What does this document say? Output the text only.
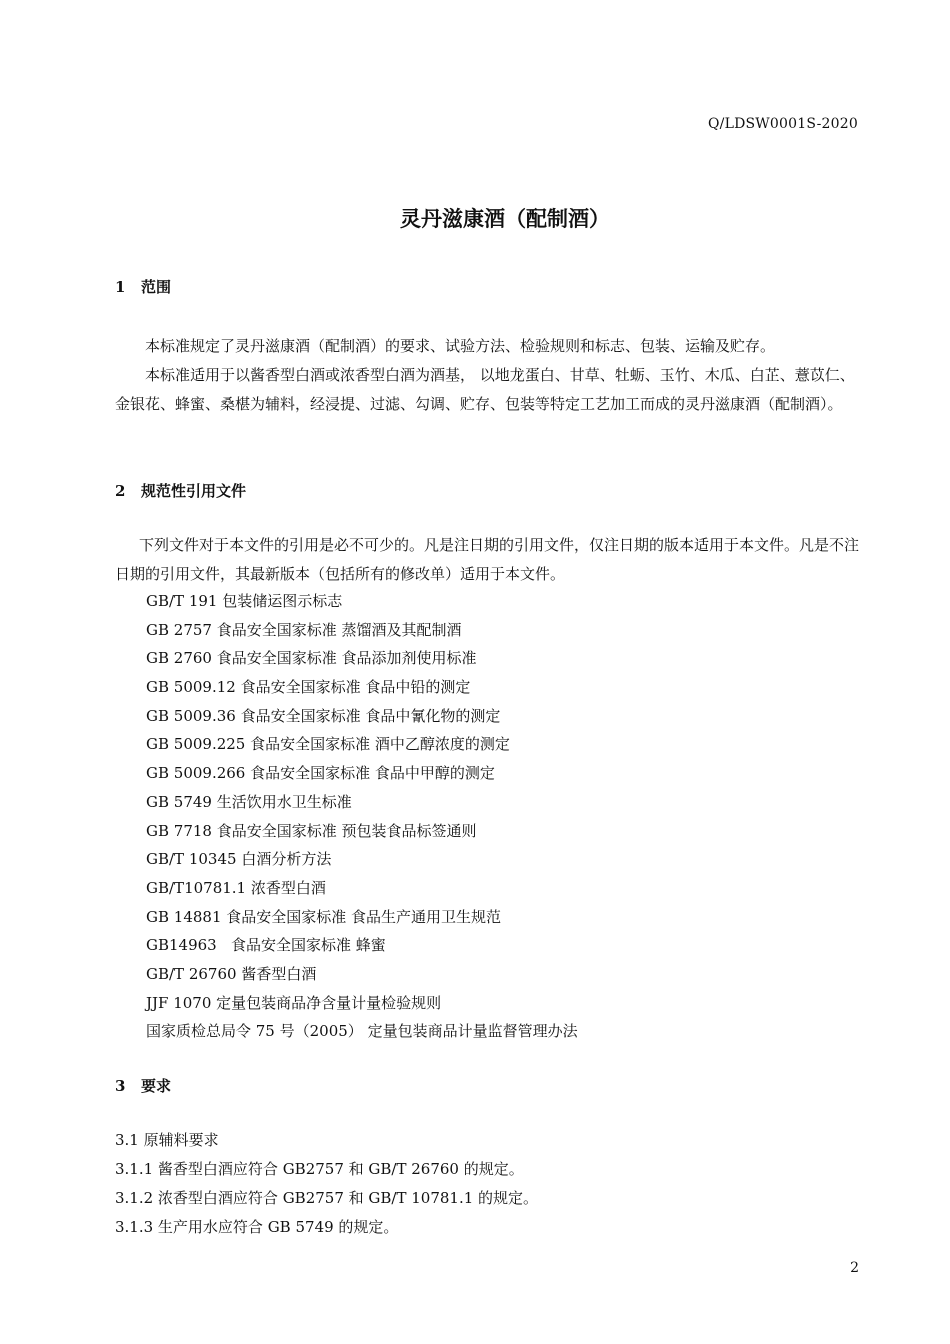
Q/LDSW0001S-2020
灵丹滋康酒（配制酒）
1 范围
本标准规定了灵丹滋康酒（配制酒）的要求、试验方法、检验规则和标志、包装、运输及贮存。
本标准适用于以酱香型白酒或浓香型白酒为酒基， 以地龙蛋白、甘草、牡蛎、玉竹、木瓜、白芷、薏苡仁、金银花、蜂蜜、桑椹为辅料，经浸提、过滤、勾调、贮存、包装等特定工艺加工而成的灵丹滋康酒（配制酒）。
2 规范性引用文件
下列文件对于本文件的引用是必不可少的。凡是注日期的引用文件，仅注日期的版本适用于本文件。凡是不注日期的引用文件，其最新版本（包括所有的修改单）适用于本文件。
GB/T 191 包装储运图示标志
GB 2757 食品安全国家标准 蒸馏酒及其配制酒
GB 2760 食品安全国家标准 食品添加剂使用标准
GB 5009.12 食品安全国家标准 食品中铅的测定
GB 5009.36 食品安全国家标准 食品中氰化物的测定
GB 5009.225 食品安全国家标准 酒中乙醇浓度的测定
GB 5009.266 食品安全国家标准 食品中甲醇的测定
GB 5749 生活饮用水卫生标准
GB 7718 食品安全国家标准 预包装食品标签通则
GB/T 10345 白酒分析方法
GB/T10781.1 浓香型白酒
GB 14881 食品安全国家标准 食品生产通用卫生规范
GB14963   食品安全国家标准 蜂蜜
GB/T 26760 酱香型白酒
JJF 1070 定量包装商品净含量计量检验规则
国家质检总局令 75 号（2005） 定量包装商品计量监督管理办法
3 要求
3.1 原辅料要求
3.1.1 酱香型白酒应符合 GB2757 和 GB/T 26760 的规定。
3.1.2 浓香型白酒应符合 GB2757 和 GB/T 10781.1 的规定。
3.1.3 生产用水应符合 GB 5749 的规定。
2
